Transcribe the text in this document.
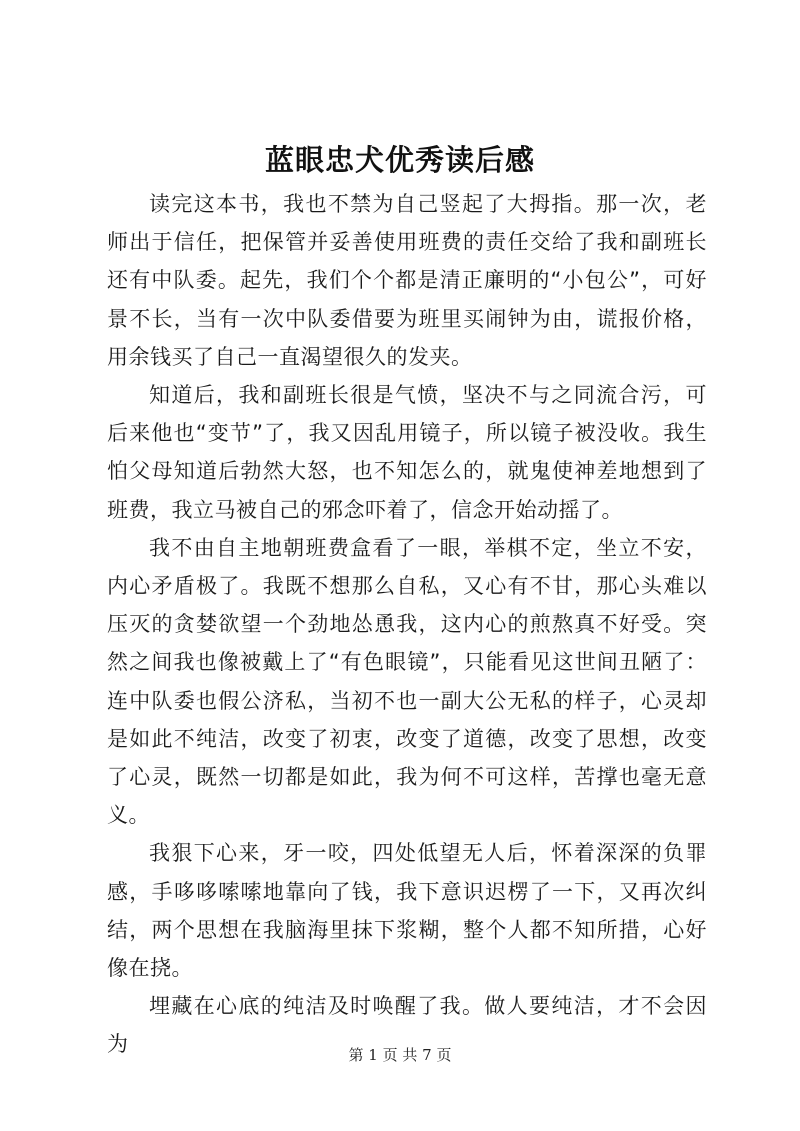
蓝眼忠犬优秀读后感

读完这本书，我也不禁为自己竖起了大拇指。那一次，老师出于信任，把保管并妥善使用班费的责任交给了我和副班长还有中队委。起先，我们个个都是清正廉明的“小包公”，可好景不长，当有一次中队委借要为班里买闹钟为由，谎报价格，用余钱买了自己一直渴望很久的发夹。

知道后，我和副班长很是气愤，坚决不与之同流合污，可后来他也“变节”了，我又因乱用镜子，所以镜子被没收。我生怕父母知道后勃然大怒，也不知怎么的，就鬼使神差地想到了班费，我立马被自己的邪念吓着了，信念开始动摇了。

我不由自主地朝班费盒看了一眼，举棋不定，坐立不安，内心矛盾极了。我既不想那么自私，又心有不甘，那心头难以压灭的贪婪欲望一个劲地怂恿我，这内心的煎熬真不好受。突然之间我也像被戴上了“有色眼镜”，只能看见这世间丑陋了：连中队委也假公济私，当初不也一副大公无私的样子，心灵却是如此不纯洁，改变了初衷，改变了道德，改变了思想，改变了心灵，既然一切都是如此，我为何不可这样，苦撑也毫无意义。

我狠下心来，牙一咬，四处低望无人后，怀着深深的负罪感，手哆哆嗦嗦地靠向了钱，我下意识迟楞了一下，又再次纠结，两个思想在我脑海里抹下浆糊，整个人都不知所措，心好像在挠。

埋藏在心底的纯洁及时唤醒了我。做人要纯洁，才不会因为	第 1 页 共 7 页
